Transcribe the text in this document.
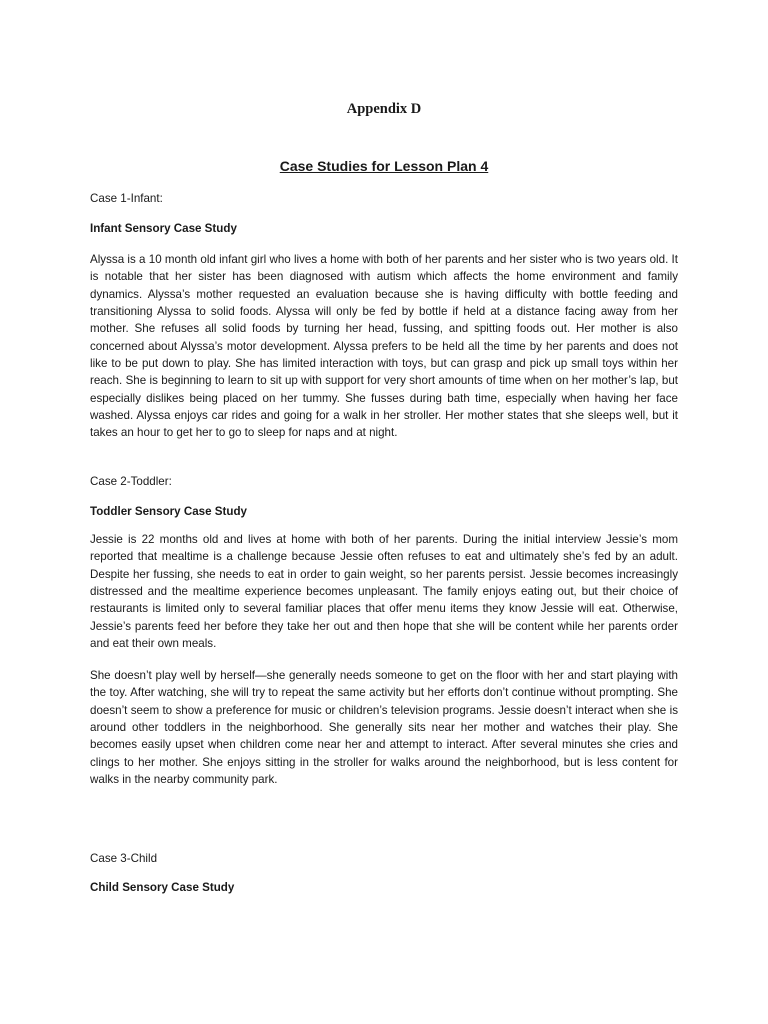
Appendix D
Case Studies for Lesson Plan 4

Case 1-Infant:

Infant Sensory Case Study

Alyssa is a 10 month old infant girl who lives a home with both of her parents and her sister who is two years old. It is notable that her sister has been diagnosed with autism which affects the home environment and family dynamics. Alyssa’s mother requested an evaluation because she is having difficulty with bottle feeding and transitioning Alyssa to solid foods. Alyssa will only be fed by bottle if held at a distance facing away from her mother. She refuses all solid foods by turning her head, fussing, and spitting foods out. Her mother is also concerned about Alyssa’s motor development. Alyssa prefers to be held all the time by her parents and does not like to be put down to play. She has limited interaction with toys, but can grasp and pick up small toys within her reach. She is beginning to learn to sit up with support for very short amounts of time when on her mother’s lap, but especially dislikes being placed on her tummy. She fusses during bath time, especially when having her face washed. Alyssa enjoys car rides and going for a walk in her stroller. Her mother states that she sleeps well, but it takes an hour to get her to go to sleep for naps and at night.

Case 2-Toddler:

Toddler Sensory Case Study

Jessie is 22 months old and lives at home with both of her parents. During the initial interview Jessie’s mom reported that mealtime is a challenge because Jessie often refuses to eat and ultimately she’s fed by an adult. Despite her fussing, she needs to eat in order to gain weight, so her parents persist. Jessie becomes increasingly distressed and the mealtime experience becomes unpleasant. The family enjoys eating out, but their choice of restaurants is limited only to several familiar places that offer menu items they know Jessie will eat. Otherwise, Jessie’s parents feed her before they take her out and then hope that she will be content while her parents order and eat their own meals.

She doesn’t play well by herself—she generally needs someone to get on the floor with her and start playing with the toy. After watching, she will try to repeat the same activity but her efforts don’t continue without prompting. She doesn’t seem to show a preference for music or children’s television programs. Jessie doesn’t interact when she is around other toddlers in the neighborhood. She generally sits near her mother and watches their play. She becomes easily upset when children come near her and attempt to interact. After several minutes she cries and clings to her mother. She enjoys sitting in the stroller for walks around the neighborhood, but is less content for walks in the nearby community park.

Case 3-Child

Child Sensory Case Study
